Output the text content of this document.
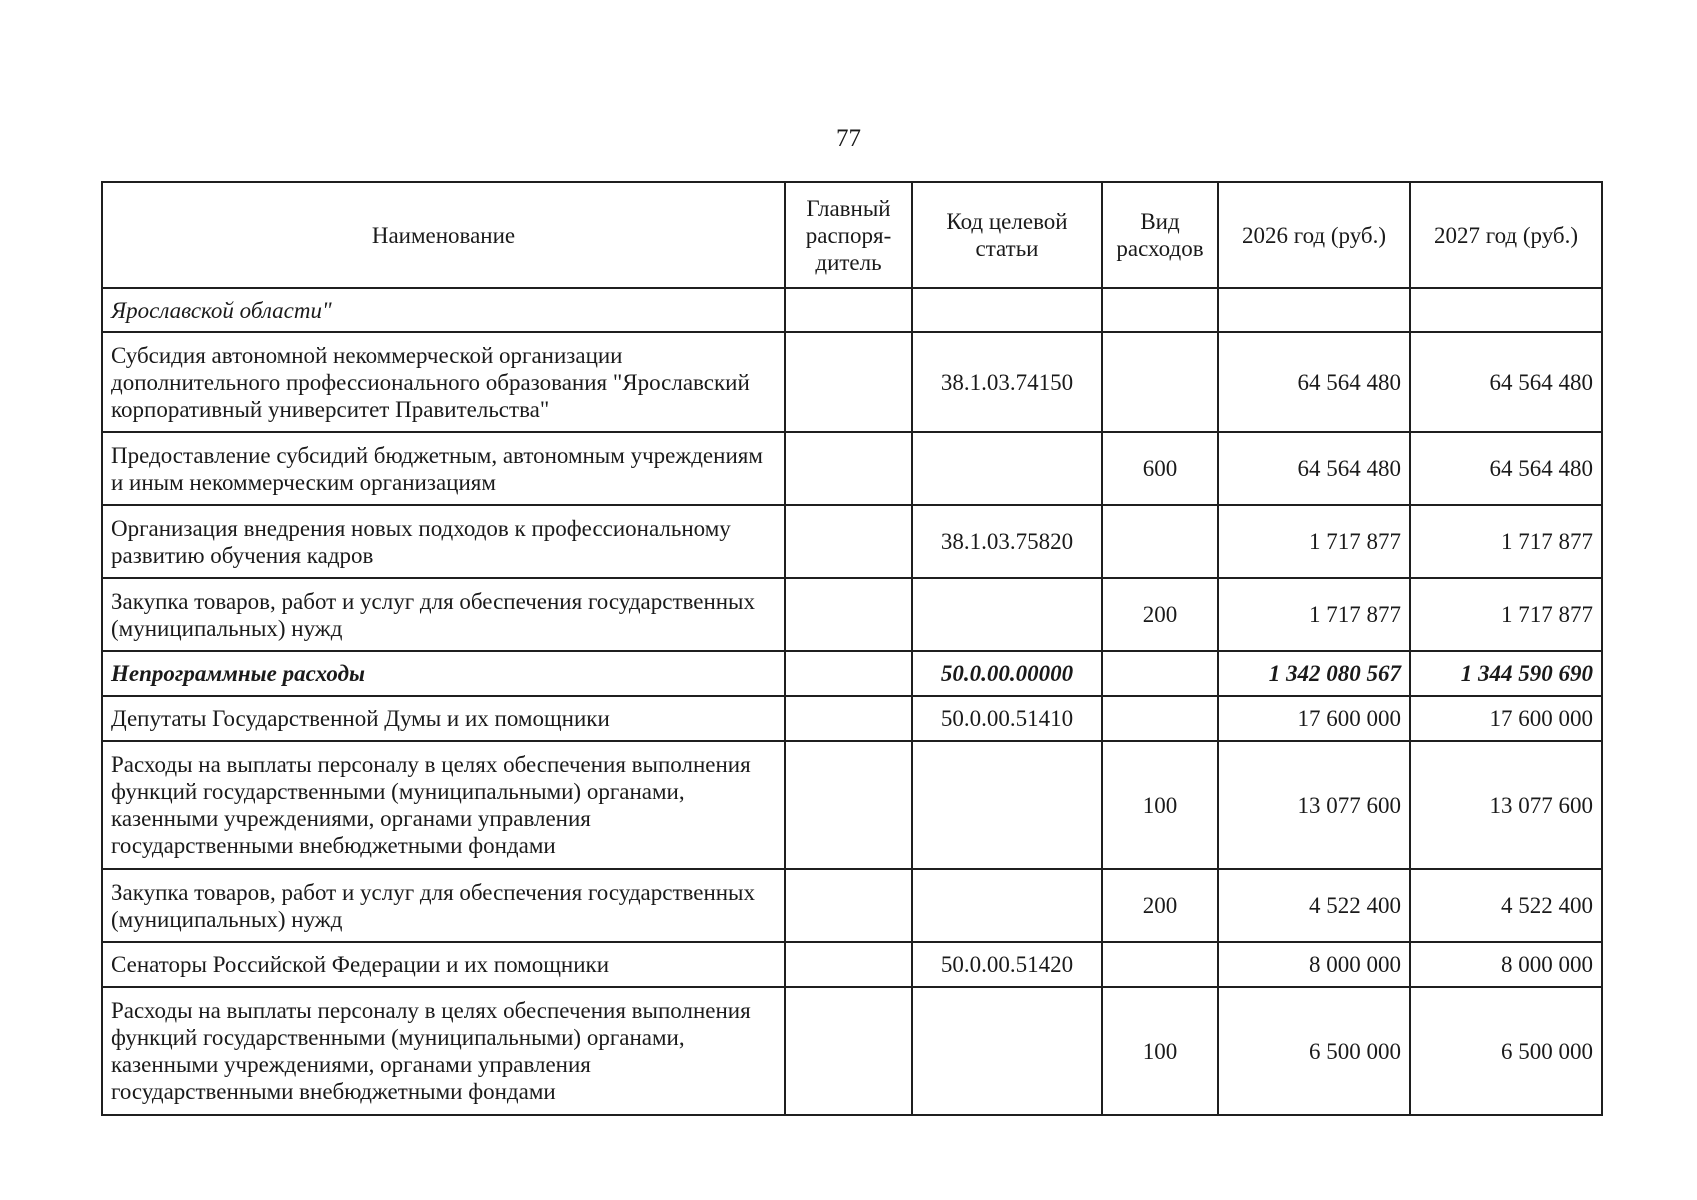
77
Наименование	Главный распоря-дитель	Код целевой статьи	Вид расходов	2026 год (руб.)	2027 год (руб.)
Ярославской области"					
Субсидия автономной некоммерческой организации дополнительного профессионального образования "Ярославский корпоративный университет Правительства"		38.1.03.74150		64 564 480	64 564 480
Предоставление субсидий бюджетным, автономным учреждениям и иным некоммерческим организациям			600	64 564 480	64 564 480
Организация внедрения новых подходов к профессиональному развитию обучения кадров		38.1.03.75820		1 717 877	1 717 877
Закупка товаров, работ и услуг для обеспечения государственных (муниципальных) нужд			200	1 717 877	1 717 877
Непрограммные расходы		50.0.00.00000		1 342 080 567	1 344 590 690
Депутаты Государственной Думы и их помощники		50.0.00.51410		17 600 000	17 600 000
Расходы на выплаты персоналу в целях обеспечения выполнения функций государственными (муниципальными) органами, казенными учреждениями, органами управления государственными внебюджетными фондами			100	13 077 600	13 077 600
Закупка товаров, работ и услуг для обеспечения государственных (муниципальных) нужд			200	4 522 400	4 522 400
Сенаторы Российской Федерации и их помощники		50.0.00.51420		8 000 000	8 000 000
Расходы на выплаты персоналу в целях обеспечения выполнения функций государственными (муниципальными) органами, казенными учреждениями, органами управления государственными внебюджетными фондами			100	6 500 000	6 500 000
